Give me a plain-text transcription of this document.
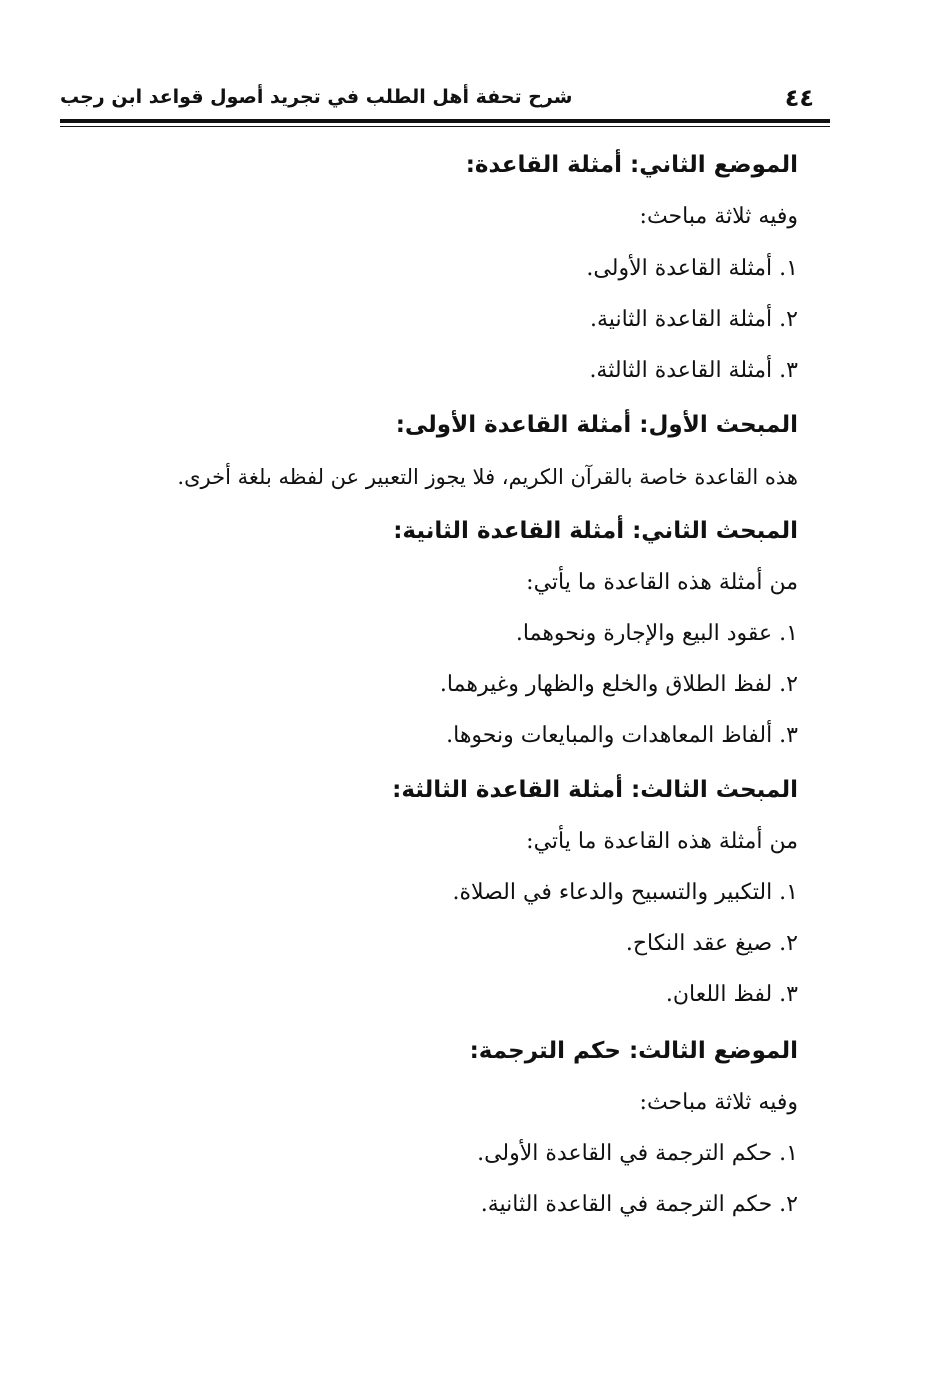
٤٤
شرح تحفة أهل الطلب في تجريد أصول قواعد ابن رجب
الموضع الثاني: أمثلة القاعدة:
وفيه ثلاثة مباحث:
١. أمثلة القاعدة الأولى.
٢. أمثلة القاعدة الثانية.
٣. أمثلة القاعدة الثالثة.
المبحث الأول: أمثلة القاعدة الأولى:
هذه القاعدة خاصة بالقرآن الكريم، فلا يجوز التعبير عن لفظه بلغة أخرى.
المبحث الثاني: أمثلة القاعدة الثانية:
من أمثلة هذه القاعدة ما يأتي:
١. عقود البيع والإجارة ونحوهما.
٢. لفظ الطلاق والخلع والظهار وغيرهما.
٣. ألفاظ المعاهدات والمبايعات ونحوها.
المبحث الثالث: أمثلة القاعدة الثالثة:
من أمثلة هذه القاعدة ما يأتي:
١. التكبير والتسبيح والدعاء في الصلاة.
٢. صيغ عقد النكاح.
٣. لفظ اللعان.
الموضع الثالث: حكم الترجمة:
وفيه ثلاثة مباحث:
١. حكم الترجمة في القاعدة الأولى.
٢. حكم الترجمة في القاعدة الثانية.
